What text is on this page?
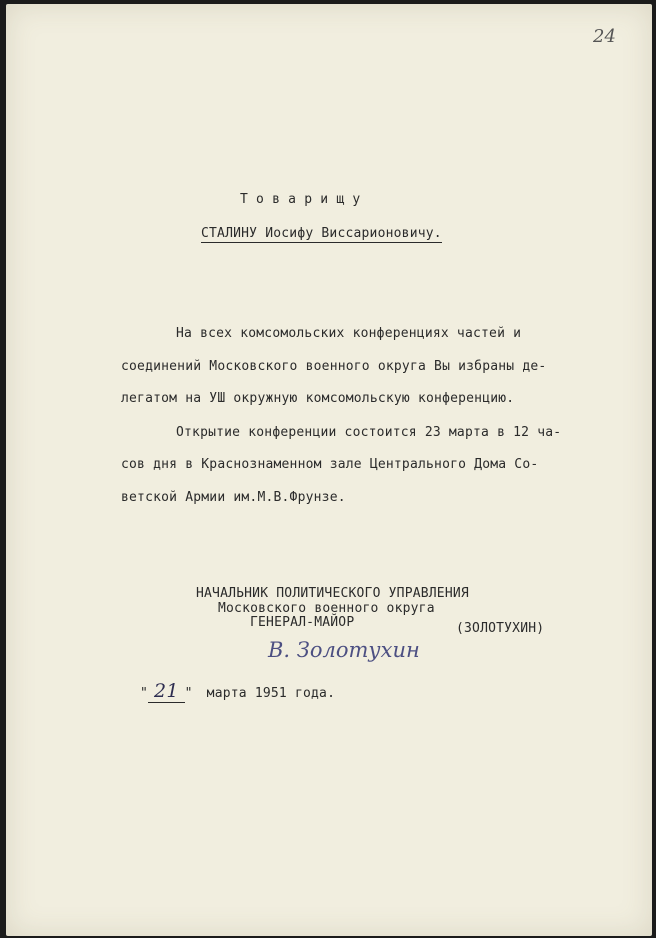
24
Т о в а р и щ у
СТАЛИНУ Иосифу Виссарионовичу.
На всех комсомольских конференциях частей и
соединений Московского военного округа Вы избраны де-
легатом на УШ окружную комсомольскую конференцию.
Открытие конференции состоится 23 марта в 12 ча-
сов дня в Краснознаменном зале Центрального Дома Со-
ветской Армии им.М.В.Фрунзе.
НАЧАЛЬНИК ПОЛИТИЧЕСКОГО УПРАВЛЕНИЯ
Московского военного округа
ГЕНЕРАЛ-МАЙОР	(ЗОЛОТУХИН)
В. Золотухин
" 21 " марта 1951 года.
